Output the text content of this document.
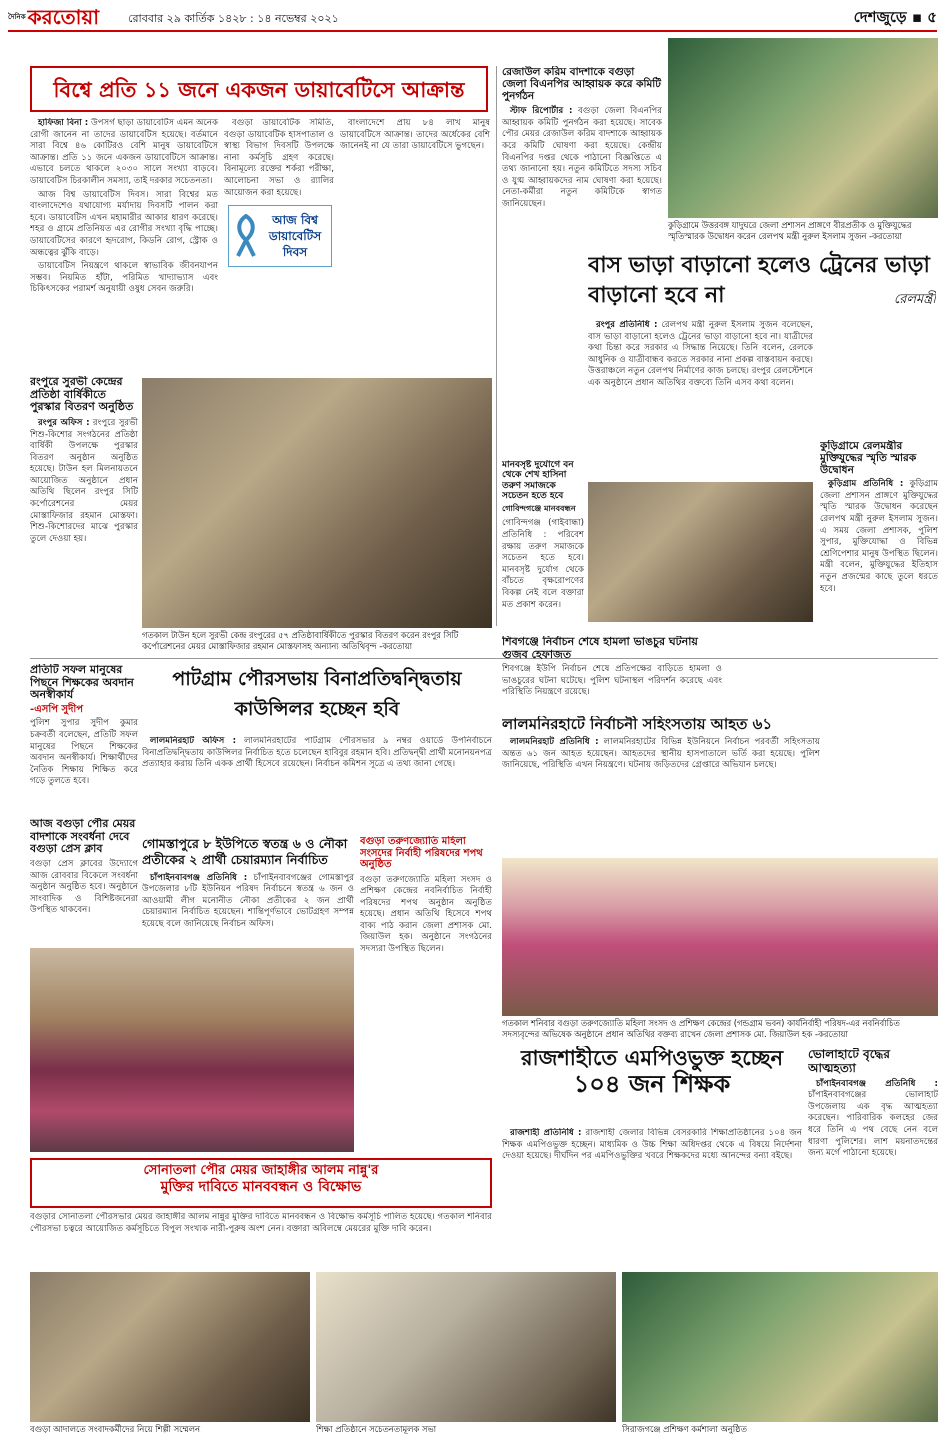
$^{দৈনিক}$ করতোয়া	রোববার ২৯ কার্তিক ১৪২৮ : ১৪ নভেম্বর ২০২১	দেশজুড়ে ▪ ৫
বিশ্বে প্রতি ১১ জনে একজন ডায়াবেটিসে আক্রান্ত

হাফিজা বিনা : উপসর্গ ছাড়া ডায়াবেটিস এমন অনেক রোগী জানেন না তাদের ডায়াবেটিস হয়েছে। বর্তমানে সারা বিশ্বে ৪৬ কোটিরও বেশি মানুষ ডায়াবেটিসে আক্রান্ত। প্রতি ১১ জনে একজন ডায়াবেটিসে আক্রান্ত। এভাবে চলতে থাকলে ২০৩০ সালে সংখ্যা বাড়বে। ডায়াবেটিস চিরকালীন সমস্যা, তাই দরকার সচেতনতা।

আজ বিশ্ব ডায়াবেটিস দিবস। সারা বিশ্বের মত বাংলাদেশেও যথাযোগ্য মর্যাদায় দিবসটি পালন করা হবে। ডায়াবেটিস এখন মহামারীর আকার ধারণ করেছে। শহর ও গ্রামে প্রতিনিয়ত এর রোগীর সংখ্যা বৃদ্ধি পাচ্ছে। ডায়াবেটিসের কারণে হৃদরোগ, কিডনি রোগ, স্ট্রোক ও অন্ধত্বের ঝুঁকি বাড়ে।

ডায়াবেটিস নিয়ন্ত্রণে থাকলে স্বাভাবিক জীবনযাপন সম্ভব। নিয়মিত হাঁটা, পরিমিত খাদ্যাভ্যাস এবং চিকিৎসকের পরামর্শ অনুযায়ী ওষুধ সেবন জরুরি।

বগুড়া ডায়াবেটিক সমিতি, বগুড়া ডায়াবেটিক হাসপাতাল ও স্বাস্থ্য বিভাগ দিবসটি উপলক্ষে নানা কর্মসূচি গ্রহণ করেছে। বিনামূল্যে রক্তের শর্করা পরীক্ষা, আলোচনা সভা ও র‌্যালির আয়োজন করা হয়েছে।

আজ বিশ্ব
ডায়াবেটিস
দিবস

বাংলাদেশে প্রায় ৮৪ লাখ মানুষ ডায়াবেটিসে আক্রান্ত। তাদের অর্ধেকের বেশি জানেনই না যে তারা ডায়াবেটিসে ভুগছেন।

রেজাউল করিম বাদশাকে বগুড়া জেলা বিএনপির আহ্বায়ক করে কমিটি পুনর্গঠন

স্টাফ রিপোর্টার : বগুড়া জেলা বিএনপির আহ্বায়ক কমিটি পুনর্গঠন করা হয়েছে। সাবেক পৌর মেয়র রেজাউল করিম বাদশাকে আহ্বায়ক করে কমিটি ঘোষণা করা হয়েছে। কেন্দ্রীয় বিএনপির দপ্তর থেকে পাঠানো বিজ্ঞপ্তিতে এ তথ্য জানানো হয়। নতুন কমিটিতে সদস্য সচিব ও যুগ্ম আহ্বায়কদের নাম ঘোষণা করা হয়েছে। নেতা-কর্মীরা নতুন কমিটিকে স্বাগত জানিয়েছেন।

কুড়িগ্রামে উত্তরবঙ্গ যাদুঘরে জেলা প্রশাসন প্রাঙ্গণে বীরপ্রতীক ও মুক্তিযুদ্ধের স্মৃতিস্মারক উদ্বোধন করেন রেলপথ মন্ত্রী নুরুল ইসলাম সুজন -করতোয়া
বাস ভাড়া বাড়ানো হলেও ট্রেনের ভাড়া বাড়ানো হবে না	রেলমন্ত্রী

রংপুর প্রতিনিধি : রেলপথ মন্ত্রী নুরুল ইসলাম সুজন বলেছেন, বাস ভাড়া বাড়ানো হলেও ট্রেনের ভাড়া বাড়ানো হবে না। যাত্রীদের কথা চিন্তা করে সরকার এ সিদ্ধান্ত নিয়েছে। তিনি বলেন, রেলকে আধুনিক ও যাত্রীবান্ধব করতে সরকার নানা প্রকল্প বাস্তবায়ন করছে। উত্তরাঞ্চলে নতুন রেলপথ নির্মাণের কাজ চলছে। রংপুর রেলস্টেশনে এক অনুষ্ঠানে প্রধান অতিথির বক্তব্যে তিনি এসব কথা বলেন।

কুড়িগ্রামে রেলমন্ত্রীর মুক্তিযুদ্ধের স্মৃতি স্মারক উদ্বোধন

কুড়িগ্রাম প্রতিনিধি : কুড়িগ্রাম জেলা প্রশাসন প্রাঙ্গণে মুক্তিযুদ্ধের স্মৃতি স্মারক উদ্বোধন করেছেন রেলপথ মন্ত্রী নুরুল ইসলাম সুজন। এ সময় জেলা প্রশাসক, পুলিশ সুপার, মুক্তিযোদ্ধা ও বিভিন্ন শ্রেণিপেশার মানুষ উপস্থিত ছিলেন। মন্ত্রী বলেন, মুক্তিযুদ্ধের ইতিহাস নতুন প্রজন্মের কাছে তুলে ধরতে হবে।

মানবসৃষ্ট দুর্যোগে বন থেকে শেখ হাসিনা তরুণ সমাজকে সচেতন হতে হবে
গোবিন্দগঞ্জে মানববন্ধন
গোবিন্দগঞ্জ (গাইবান্ধা) প্রতিনিধি : পরিবেশ রক্ষায় তরুণ সমাজকে সচেতন হতে হবে। মানবসৃষ্ট দুর্যোগ থেকে বাঁচতে বৃক্ষরোপণের বিকল্প নেই বলে বক্তারা মত প্রকাশ করেন।
রংপুরে সুরভী কেন্দ্রের প্রতিষ্ঠা বার্ষিকীতে পুরস্কার বিতরণ অনুষ্ঠিত

রংপুর অফিস : রংপুরে সুরভী শিশু-কিশোর সংগঠনের প্রতিষ্ঠা বার্ষিকী উপলক্ষে পুরস্কার বিতরণ অনুষ্ঠান অনুষ্ঠিত হয়েছে। টাউন হল মিলনায়তনে আয়োজিত অনুষ্ঠানে প্রধান অতিথি ছিলেন রংপুর সিটি কর্পোরেশনের মেয়র মোস্তাফিজার রহমান মোস্তফা। শিশু-কিশোরদের মাঝে পুরস্কার তুলে দেওয়া হয়।

গতকাল টাউন হলে সুরভী কেন্দ্র রংপুরের ৫৭ প্রতিষ্ঠাবার্ষিকীতে পুরস্কার বিতরণ করেন রংপুর সিটি কর্পোরেশনের মেয়র মোস্তাফিজার রহমান মোস্তফাসহ অন্যান্য অতিথিবৃন্দ -করতোয়া
প্রতিটি সফল মানুষের পিছনে শিক্ষকের অবদান অনস্বীকার্য
-এসপি সুদীপ
পুলিশ সুপার সুদীপ কুমার চক্রবর্তী বলেছেন, প্রতিটি সফল মানুষের পিছনে শিক্ষকের অবদান অনস্বীকার্য। শিক্ষার্থীদের নৈতিক শিক্ষায় শিক্ষিত করে গড়ে তুলতে হবে।
আজ বগুড়া পৌর মেয়র বাদশাকে সংবর্ধনা দেবে বগুড়া প্রেস ক্লাব
বগুড়া প্রেস ক্লাবের উদ্যোগে আজ রোববার বিকেলে সংবর্ধনা অনুষ্ঠান অনুষ্ঠিত হবে। অনুষ্ঠানে সাংবাদিক ও বিশিষ্টজনেরা উপস্থিত থাকবেন।
পাটগ্রাম পৌরসভায় বিনাপ্রতিদ্বন্দ্বিতায় কাউন্সিলর হচ্ছেন হবি

লালমনিরহাট অফিস : লালমনিরহাটের পাটগ্রাম পৌরসভার ৯ নম্বর ওয়ার্ডে উপনির্বাচনে বিনাপ্রতিদ্বন্দ্বিতায় কাউন্সিলর নির্বাচিত হতে চলেছেন হাবিবুর রহমান হবি। প্রতিদ্বন্দ্বী প্রার্থী মনোনয়নপত্র প্রত্যাহার করায় তিনি একক প্রার্থী হিসেবে রয়েছেন। নির্বাচন কমিশন সূত্রে এ তথ্য জানা গেছে।

গোমস্তাপুরে ৮ ইউপিতে স্বতন্ত্র ৬ ও নৌকা প্রতীকের ২ প্রার্থী চেয়ারম্যান নির্বাচিত

চাঁপাইনবাবগঞ্জ প্রতিনিধি : চাঁপাইনবাবগঞ্জের গোমস্তাপুর উপজেলার ৮টি ইউনিয়ন পরিষদ নির্বাচনে স্বতন্ত্র ৬ জন ও আওয়ামী লীগ মনোনীত নৌকা প্রতীকের ২ জন প্রার্থী চেয়ারম্যান নির্বাচিত হয়েছেন। শান্তিপূর্ণভাবে ভোটগ্রহণ সম্পন্ন হয়েছে বলে জানিয়েছে নির্বাচন অফিস।

বগুড়া তরুণজ্যোতি মহিলা সংসদের নির্বাহী পরিষদের শপথ অনুষ্ঠিত
বগুড়া তরুণজ্যোতি মহিলা সংসদ ও প্রশিক্ষণ কেন্দ্রের নবনির্বাচিত নির্বাহী পরিষদের শপথ অনুষ্ঠান অনুষ্ঠিত হয়েছে। প্রধান অতিথি হিসেবে শপথ বাক্য পাঠ করান জেলা প্রশাসক মো. জিয়াউল হক। অনুষ্ঠানে সংগঠনের সদস্যরা উপস্থিত ছিলেন।
শিবগঞ্জে নির্বাচন শেষে হামলা ভাঙচুর ঘটনায় গুজব হেফাজত
শিবগঞ্জে ইউপি নির্বাচন শেষে প্রতিপক্ষের বাড়িতে হামলা ও ভাঙচুরের ঘটনা ঘটেছে। পুলিশ ঘটনাস্থল পরিদর্শন করেছে এবং পরিস্থিতি নিয়ন্ত্রণে রয়েছে।
লালমনিরহাটে নির্বাচনী সহিংসতায় আহত ৬১

লালমনিরহাট প্রতিনিধি : লালমনিরহাটের বিভিন্ন ইউনিয়নে নির্বাচন পরবর্তী সহিংসতায় অন্তত ৬১ জন আহত হয়েছেন। আহতদের স্থানীয় হাসপাতালে ভর্তি করা হয়েছে। পুলিশ জানিয়েছে, পরিস্থিতি এখন নিয়ন্ত্রণে। ঘটনায় জড়িতদের গ্রেপ্তারে অভিযান চলছে।

গতকাল শনিবার বগুড়া তরুণজ্যোতি মহিলা সংসদ ও প্রশিক্ষণ কেন্দ্রের (গন্ডগ্রাম ভবন) কার্যনির্বাহী পরিষদ-এর নবনির্বাচিত সদস্যবৃন্দের অভিষেক অনুষ্ঠানে প্রধান অতিথির বক্তব্য রাখেন জেলা প্রশাসক মো. জিয়াউল হক -করতোয়া
রাজশাহীতে এমপিওভুক্ত হচ্ছেন
১০৪ জন শিক্ষক

রাজশাহী প্রতিনিধি : রাজশাহী জেলার বিভিন্ন বেসরকারি শিক্ষাপ্রতিষ্ঠানের ১০৪ জন শিক্ষক এমপিওভুক্ত হচ্ছেন। মাধ্যমিক ও উচ্চ শিক্ষা অধিদপ্তর থেকে এ বিষয়ে নির্দেশনা দেওয়া হয়েছে। দীর্ঘদিন পর এমপিওভুক্তির খবরে শিক্ষকদের মধ্যে আনন্দের বন্যা বইছে।

ভোলাহাটে বৃদ্ধের আত্মহত্যা

চাঁপাইনবাবগঞ্জ প্রতিনিধি : চাঁপাইনবাবগঞ্জের ভোলাহাট উপজেলায় এক বৃদ্ধ আত্মহত্যা করেছেন। পারিবারিক কলহের জের ধরে তিনি এ পথ বেছে নেন বলে ধারণা পুলিশের। লাশ ময়নাতদন্তের জন্য মর্গে পাঠানো হয়েছে।

সোনাতলা পৌর মেয়র জাহাঙ্গীর আলম নান্নু'র
মুক্তির দাবিতে মানববন্ধন ও বিক্ষোভ
বগুড়ার সোনাতলা পৌরসভার মেয়র জাহাঙ্গীর আলম নান্নুর মুক্তির দাবিতে মানববন্ধন ও বিক্ষোভ কর্মসূচি পালিত হয়েছে। গতকাল শনিবার পৌরসভা চত্বরে আয়োজিত কর্মসূচিতে বিপুল সংখ্যক নারী-পুরুষ অংশ নেন। বক্তারা অবিলম্বে মেয়রের মুক্তি দাবি করেন।
বগুড়া আদালতে সংবাদকর্মীদের নিয়ে শিল্পী সম্মেলন	শিক্ষা প্রতিষ্ঠানে সচেতনতামূলক সভা	সিরাজগঞ্জে প্রশিক্ষণ কর্মশালা অনুষ্ঠিত
